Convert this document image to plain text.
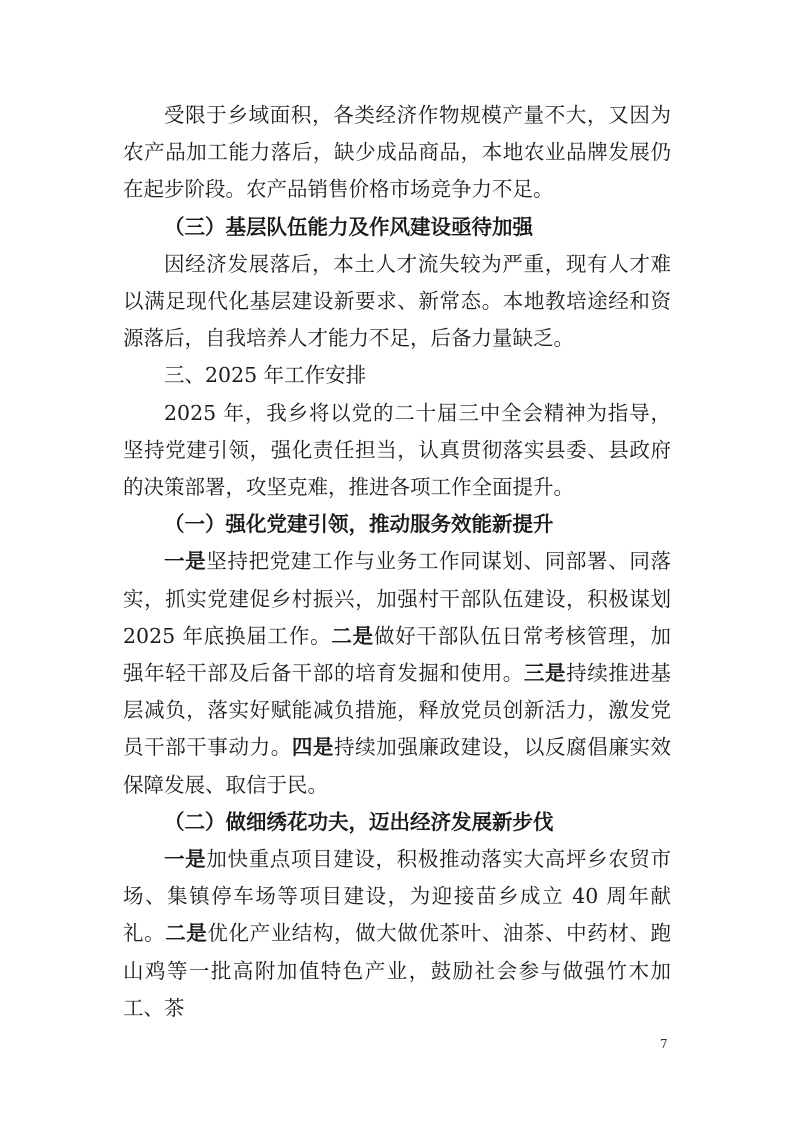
受限于乡域面积，各类经济作物规模产量不大，又因为农产品加工能力落后，缺少成品商品，本地农业品牌发展仍在起步阶段。农产品销售价格市场竞争力不足。

（三）基层队伍能力及作风建设亟待加强

因经济发展落后，本土人才流失较为严重，现有人才难以满足现代化基层建设新要求、新常态。本地教培途经和资源落后，自我培养人才能力不足，后备力量缺乏。

三、2025 年工作安排

2025 年，我乡将以党的二十届三中全会精神为指导，坚持党建引领，强化责任担当，认真贯彻落实县委、县政府的决策部署，攻坚克难，推进各项工作全面提升。

（一）强化党建引领，推动服务效能新提升

一是坚持把党建工作与业务工作同谋划、同部署、同落实，抓实党建促乡村振兴，加强村干部队伍建设，积极谋划 2025 年底换届工作。二是做好干部队伍日常考核管理，加强年轻干部及后备干部的培育发掘和使用。三是持续推进基层减负，落实好赋能减负措施，释放党员创新活力，激发党员干部干事动力。四是持续加强廉政建设，以反腐倡廉实效保障发展、取信于民。

（二）做细绣花功夫，迈出经济发展新步伐

一是加快重点项目建设，积极推动落实大高坪乡农贸市场、集镇停车场等项目建设，为迎接苗乡成立 40 周年献礼。二是优化产业结构，做大做优茶叶、油茶、中药材、跑山鸡等一批高附加值特色产业，鼓励社会参与做强竹木加工、茶

7
